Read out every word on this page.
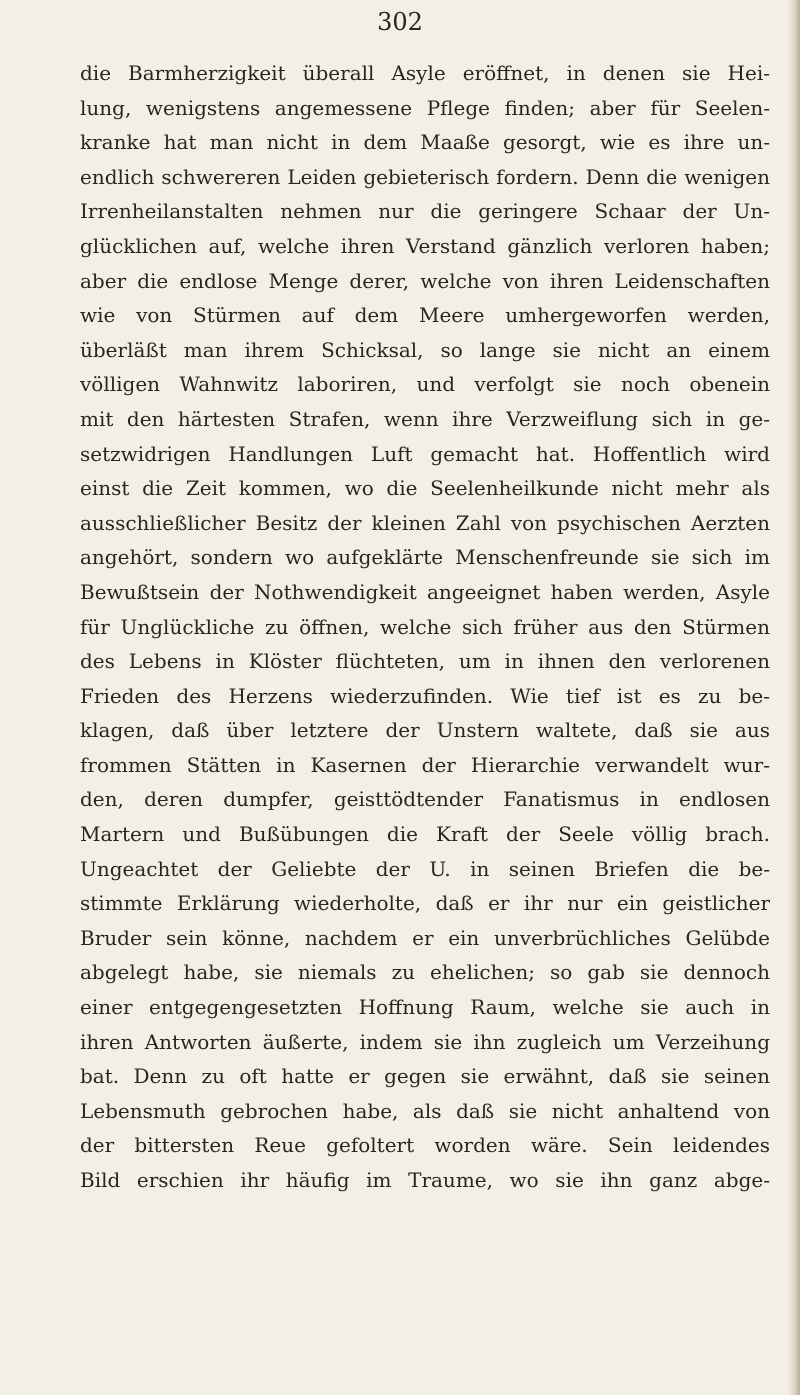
302
die Barmherzigkeit überall Asyle eröffnet, in denen sie Hei-
lung, wenigstens angemessene Pflege finden; aber für Seelen-
kranke hat man nicht in dem Maaße gesorgt, wie es ihre un-
endlich schwereren Leiden gebieterisch fordern. Denn die wenigen
Irrenheilanstalten nehmen nur die geringere Schaar der Un-
glücklichen auf, welche ihren Verstand gänzlich verloren haben;
aber die endlose Menge derer, welche von ihren Leidenschaften
wie von Stürmen auf dem Meere umhergeworfen werden,
überläßt man ihrem Schicksal, so lange sie nicht an einem
völligen Wahnwitz laboriren, und verfolgt sie noch obenein
mit den härtesten Strafen, wenn ihre Verzweiflung sich in ge-
setzwidrigen Handlungen Luft gemacht hat. Hoffentlich wird
einst die Zeit kommen, wo die Seelenheilkunde nicht mehr als
ausschließlicher Besitz der kleinen Zahl von psychischen Aerzten
angehört, sondern wo aufgeklärte Menschenfreunde sie sich im
Bewußtsein der Nothwendigkeit angeeignet haben werden, Asyle
für Unglückliche zu öffnen, welche sich früher aus den Stürmen
des Lebens in Klöster flüchteten, um in ihnen den verlorenen
Frieden des Herzens wiederzufinden. Wie tief ist es zu be-
klagen, daß über letztere der Unstern waltete, daß sie aus
frommen Stätten in Kasernen der Hierarchie verwandelt wur-
den, deren dumpfer, geisttödtender Fanatismus in endlosen
Martern und Bußübungen die Kraft der Seele völlig brach.
Ungeachtet der Geliebte der U. in seinen Briefen die be-
stimmte Erklärung wiederholte, daß er ihr nur ein geistlicher
Bruder sein könne, nachdem er ein unverbrüchliches Gelübde
abgelegt habe, sie niemals zu ehelichen; so gab sie dennoch
einer entgegengesetzten Hoffnung Raum, welche sie auch in
ihren Antworten äußerte, indem sie ihn zugleich um Verzeihung
bat. Denn zu oft hatte er gegen sie erwähnt, daß sie seinen
Lebensmuth gebrochen habe, als daß sie nicht anhaltend von
der bittersten Reue gefoltert worden wäre. Sein leidendes
Bild erschien ihr häufig im Traume, wo sie ihn ganz abge-
